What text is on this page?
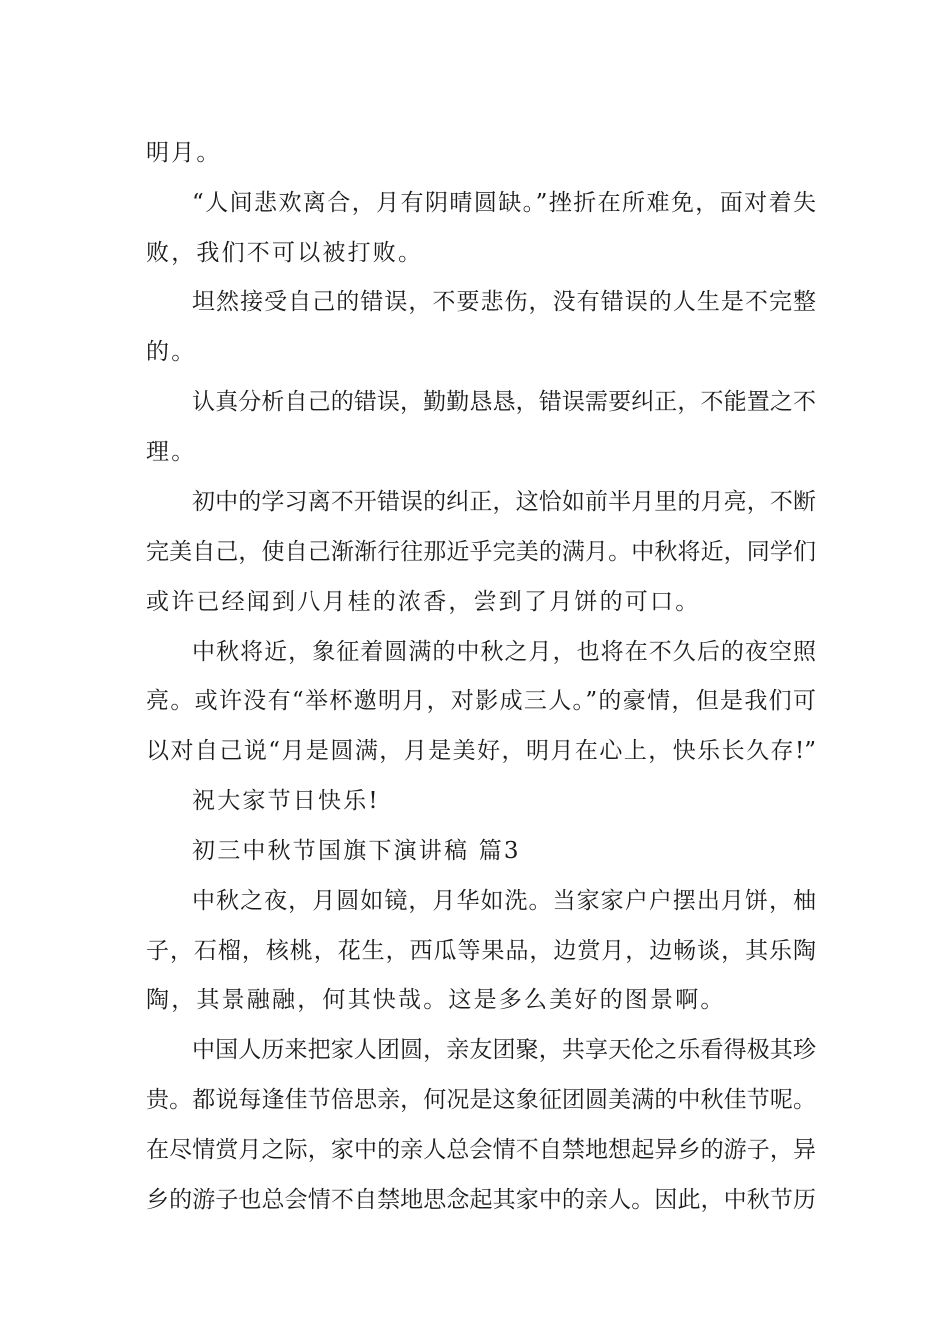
明月。
“人间悲欢离合，月有阴晴圆缺。”挫折在所难免，面对着失
败，我们不可以被打败。
坦然接受自己的错误，不要悲伤，没有错误的人生是不完整
的。
认真分析自己的错误，勤勤恳恳，错误需要纠正，不能置之不
理。
初中的学习离不开错误的纠正，这恰如前半月里的月亮，不断
完美自己，使自己渐渐行往那近乎完美的满月。中秋将近，同学们
或许已经闻到八月桂的浓香，尝到了月饼的可口。
中秋将近，象征着圆满的中秋之月，也将在不久后的夜空照
亮。或许没有“举杯邀明月，对影成三人。”的豪情，但是我们可
以对自己说“月是圆满，月是美好，明月在心上，快乐长久存!”
祝大家节日快乐!
初三中秋节国旗下演讲稿 篇3
中秋之夜，月圆如镜，月华如洗。当家家户户摆出月饼，柚
子，石榴，核桃，花生，西瓜等果品，边赏月，边畅谈，其乐陶
陶，其景融融，何其快哉。这是多么美好的图景啊。
中国人历来把家人团圆，亲友团聚，共享天伦之乐看得极其珍
贵。都说每逢佳节倍思亲，何况是这象征团圆美满的中秋佳节呢。
在尽情赏月之际，家中的亲人总会情不自禁地想起异乡的游子，异
乡的游子也总会情不自禁地思念起其家中的亲人。因此，中秋节历
